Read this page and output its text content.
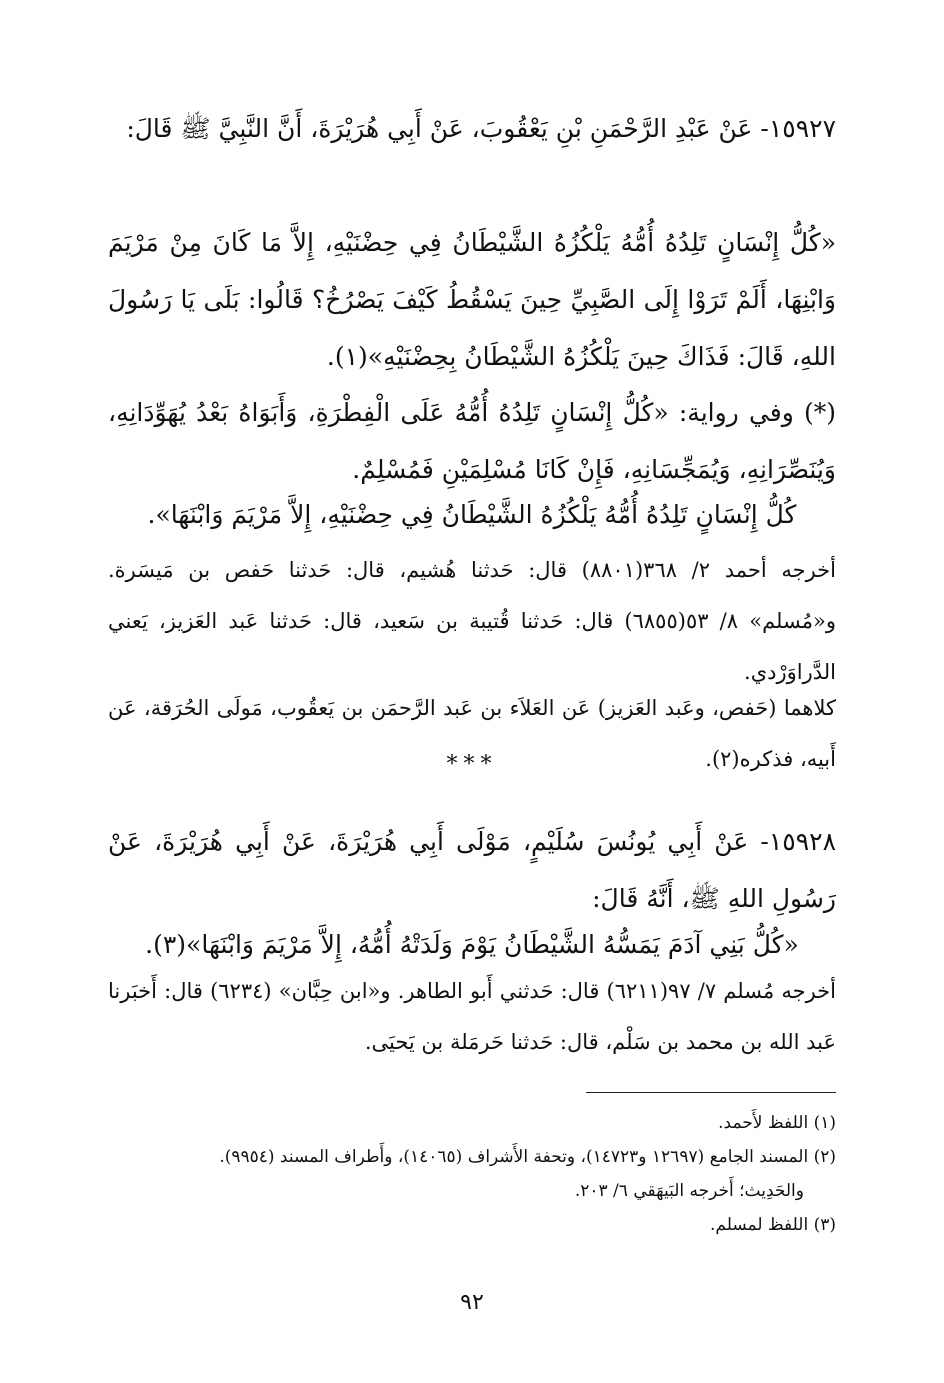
١٥٩٢٧- عَنْ عَبْدِ الرَّحْمَنِ بْنِ يَعْقُوبَ، عَنْ أَبِي هُرَيْرَةَ، أَنَّ النَّبِيَّ ﷺ قَالَ:

«كُلُّ إِنْسَانٍ تَلِدُهُ أُمُّهُ يَلْكُزُهُ الشَّيْطَانُ فِي حِضْنَيْهِ، إِلاَّ مَا كَانَ مِنْ مَرْيَمَ وَابْنِهَا، أَلَمْ تَرَوْا إِلَى الصَّبِيِّ حِينَ يَسْقُطُ كَيْفَ يَصْرُخُ؟ قَالُوا: بَلَى يَا رَسُولَ اللهِ، قَالَ: فَذَاكَ حِينَ يَلْكُزُهُ الشَّيْطَانُ بِحِضْنَيْهِ»(١).

(*) وفي رواية: «كُلُّ إِنْسَانٍ تَلِدُهُ أُمُّهُ عَلَى الْفِطْرَةِ، وَأَبَوَاهُ بَعْدُ يُهَوِّدَانِهِ، وَيُنَصِّرَانِهِ، وَيُمَجِّسَانِهِ، فَإِنْ كَانَا مُسْلِمَيْنِ فَمُسْلِمٌ.

كُلُّ إِنْسَانٍ تَلِدُهُ أُمُّهُ يَلْكُزُهُ الشَّيْطَانُ فِي حِضْنَيْهِ، إِلاَّ مَرْيَمَ وَابْنَهَا».

أخرجه أحمد ٢/ ٣٦٨(٨٨٠١) قال: حَدثنا هُشيم، قال: حَدثنا حَفص بن مَيسَرة. و«مُسلم» ٨/ ٥٣(٦٨٥٥) قال: حَدثنا قُتيبة بن سَعيد، قال: حَدثنا عَبد العَزيز، يَعني الدَّراوَرْدي.

كلاهما (حَفص، وعَبد العَزيز) عَن العَلاَء بن عَبد الرَّحمَن بن يَعقُوب، مَولَى الحُرَقة، عَن أَبيه، فذكره(٢).

***

١٥٩٢٨- عَنْ أَبِي يُونُسَ سُلَيْمٍ، مَوْلَى أَبِي هُرَيْرَةَ، عَنْ أَبِي هُرَيْرَةَ، عَنْ رَسُولِ اللهِ ﷺ، أَنَّهُ قَالَ:

«كُلُّ بَنِي آدَمَ يَمَسُّهُ الشَّيْطَانُ يَوْمَ وَلَدَتْهُ أُمُّهُ، إِلاَّ مَرْيَمَ وَابْنَهَا»(٣).

أخرجه مُسلم ٧/ ٩٧(٦٢١١) قال: حَدثني أَبو الطاهر. و«ابن حِبَّان» (٦٢٣٤) قال: أَخبَرنا عَبد الله بن محمد بن سَلْم، قال: حَدثنا حَرمَلة بن يَحيَى.

(١) اللفظ لأَحمد.
(٢) المسند الجامع (١٢٦٩٧ و١٤٧٢٣)، وتحفة الأَشراف (١٤٠٦٥)، وأَطراف المسند (٩٩٥٤).
والحَدِيث؛ أَخرجه البَيهَقي ٦/ ٢٠٣.
(٣) اللفظ لمسلم.
٩٢
